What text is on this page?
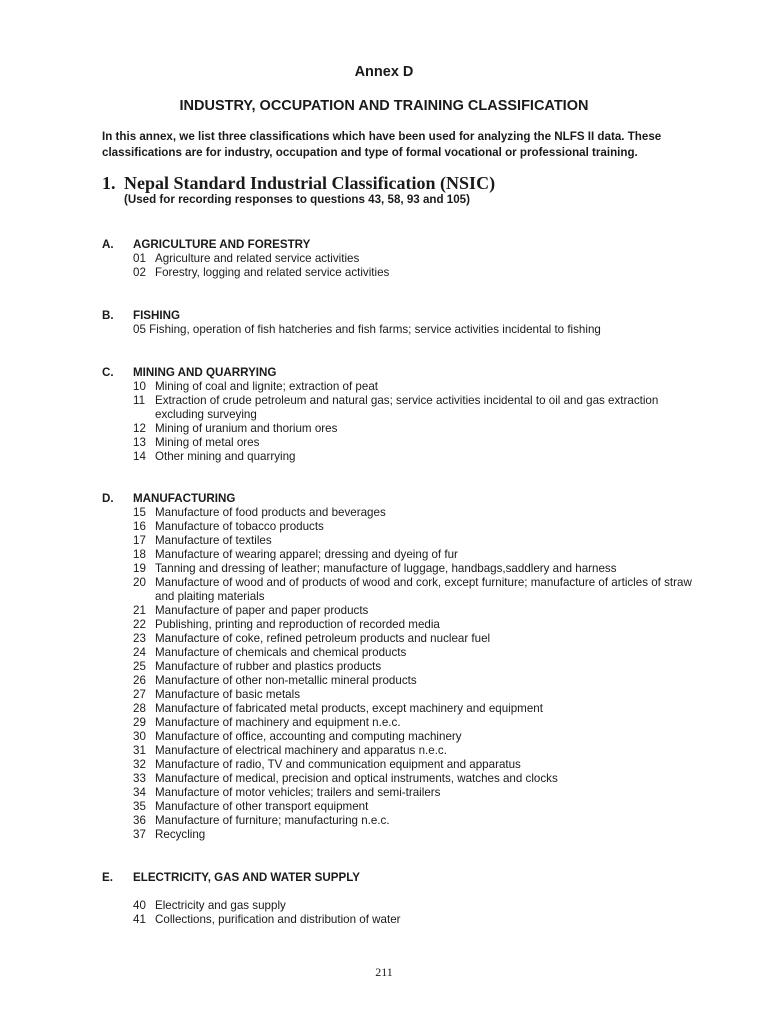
Annex D
INDUSTRY, OCCUPATION AND TRAINING CLASSIFICATION
In this annex, we list three classifications which have been used for analyzing the NLFS II data. These classifications are for industry, occupation and type of formal vocational or professional training.
1. Nepal Standard Industrial Classification (NSIC)
(Used for recording responses to questions 43, 58, 93 and 105)
A. AGRICULTURE AND FORESTRY
01 Agriculture and related service activities
02 Forestry, logging and related service activities
B. FISHING
05 Fishing, operation of fish hatcheries and fish farms; service activities incidental to fishing
C. MINING AND QUARRYING
10 Mining of coal and lignite; extraction of peat
11 Extraction of crude petroleum and natural gas; service activities incidental to oil and gas extraction excluding surveying
12 Mining of uranium and thorium ores
13 Mining of metal ores
14 Other mining and quarrying
D. MANUFACTURING
15 Manufacture of food products and beverages
16 Manufacture of tobacco products
17 Manufacture of textiles
18 Manufacture of wearing apparel; dressing and dyeing of fur
19 Tanning and dressing of leather; manufacture of luggage, handbags,saddlery and harness
20 Manufacture of wood and of products of wood and cork, except furniture; manufacture of articles of straw and plaiting materials
21 Manufacture of paper and paper products
22 Publishing, printing and reproduction of recorded media
23 Manufacture of coke, refined petroleum products and nuclear fuel
24 Manufacture of chemicals and chemical products
25 Manufacture of rubber and plastics products
26 Manufacture of other non-metallic mineral products
27 Manufacture of basic metals
28 Manufacture of fabricated metal products, except machinery and equipment
29 Manufacture of machinery and equipment n.e.c.
30 Manufacture of office, accounting and computing machinery
31 Manufacture of electrical machinery and apparatus n.e.c.
32 Manufacture of radio, TV and communication equipment and apparatus
33 Manufacture of medical, precision and optical instruments, watches and clocks
34 Manufacture of motor vehicles; trailers and semi-trailers
35 Manufacture of other transport equipment
36 Manufacture of furniture; manufacturing n.e.c.
37 Recycling
E. ELECTRICITY, GAS AND WATER SUPPLY
40 Electricity and gas supply
41 Collections, purification and distribution of water
211
